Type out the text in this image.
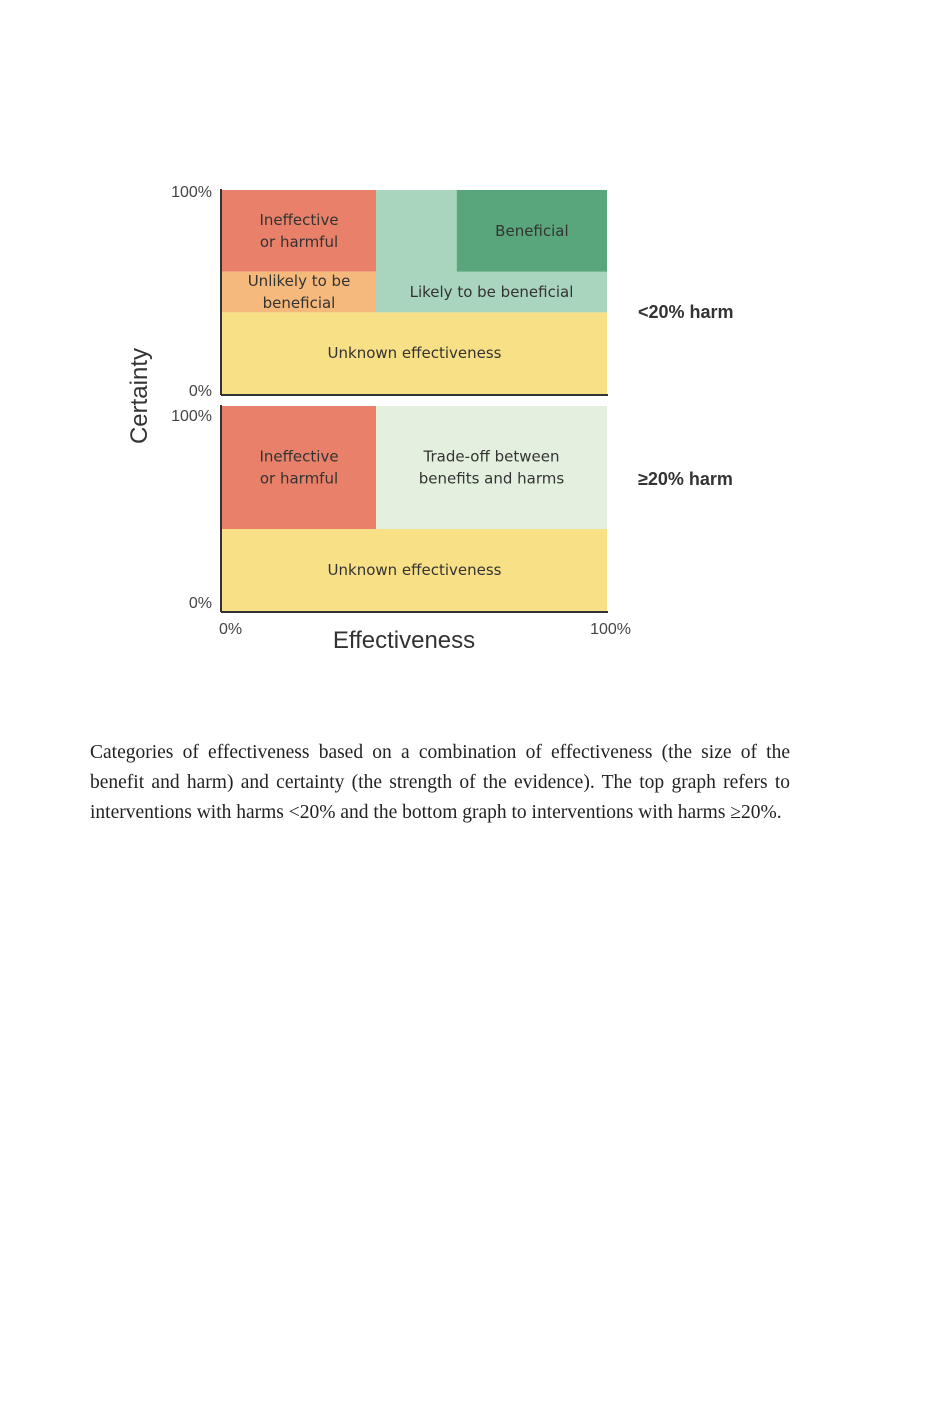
Ineffective
or harmful
Unlikely to be
beneficial
Likely to be beneficial
Beneficial
Unknown effectiveness
Ineffective
or harmful
Trade-off between
benefits and harms
Unknown effectiveness
100%
0%
100%
0%
0%	100%
Effectiveness
Certainty
<20% harm
≥20% harm

Categories of effectiveness based on a combination of effectiveness (the size of the benefit and harm) and certainty (the strength of the evidence). The top graph refers to interventions with harms <20% and the bottom graph to interventions with harms ≥20%.
